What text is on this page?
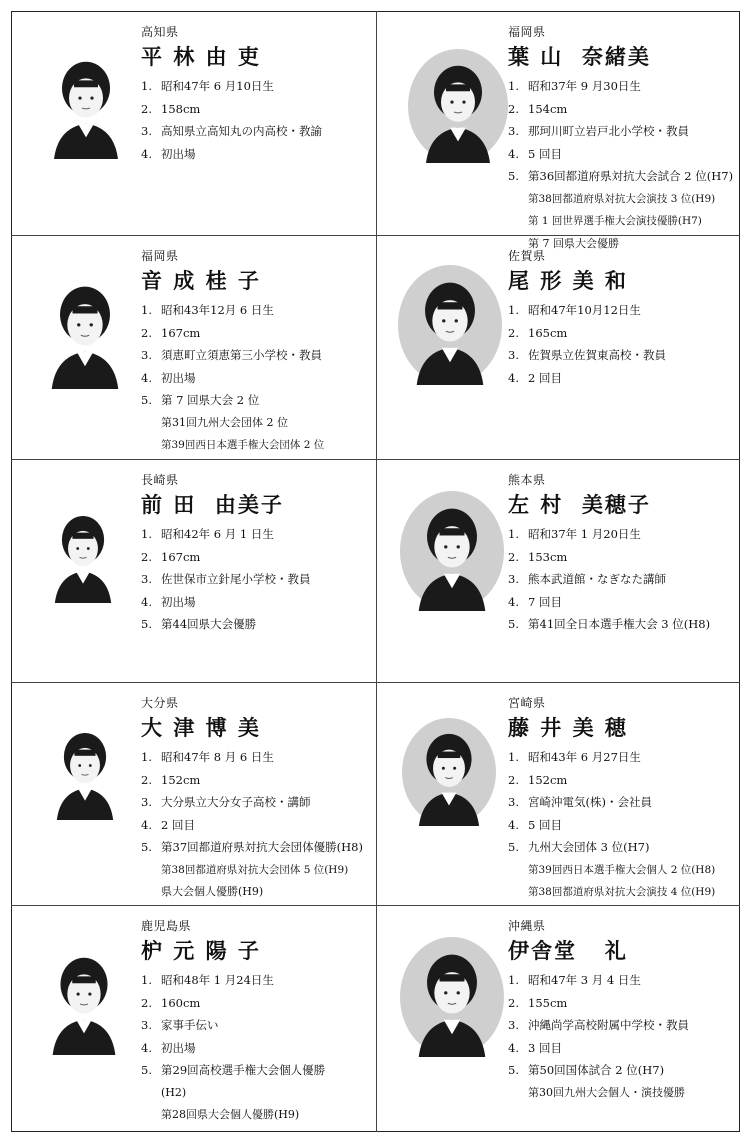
高知県
平 林 由 吏
1. 昭和47年 6 月10日生
2. 158cm
3. 高知県立高知丸の内高校・教諭
4. 初出場
福岡県
葉 山  奈緒美
1. 昭和37年 9 月30日生
2. 154cm
3. 那珂川町立岩戸北小学校・教員
4. 5 回目
5. 第36回都道府県対抗大会試合 2 位(H7)
第38回都道府県対抗大会演技 3 位(H9)
第 1 回世界選手権大会演技優勝(H7)
第 7 回県大会優勝
福岡県
音 成 桂 子
1. 昭和43年12月 6 日生
2. 167cm
3. 須恵町立須恵第三小学校・教員
4. 初出場
5. 第 7 回県大会 2 位
第31回九州大会団体 2 位
第39回西日本選手権大会団体 2 位
佐賀県
尾 形 美 和
1. 昭和47年10月12日生
2. 165cm
3. 佐賀県立佐賀東高校・教員
4. 2 回目
長崎県
前 田  由美子
1. 昭和42年 6 月 1 日生
2. 167cm
3. 佐世保市立針尾小学校・教員
4. 初出場
5. 第44回県大会優勝
熊本県
左 村  美穂子
1. 昭和37年 1 月20日生
2. 153cm
3. 熊本武道館・なぎなた講師
4. 7 回目
5. 第41回全日本選手権大会 3 位(H8)
大分県
大 津 博 美
1. 昭和47年 8 月 6 日生
2. 152cm
3. 大分県立大分女子高校・講師
4. 2 回目
5. 第37回都道府県対抗大会団体優勝(H8)
第38回都道府県対抗大会団体 5 位(H9)
県大会個人優勝(H9)
宮崎県
藤 井 美 穂
1. 昭和43年 6 月27日生
2. 152cm
3. 宮崎沖電気(株)・会社員
4. 5 回目
5. 九州大会団体 3 位(H7)
第39回西日本選手権大会個人 2 位(H8)
第38回都道府県対抗大会演技 4 位(H9)
鹿児島県
枦 元 陽 子
1. 昭和48年 1 月24日生
2. 160cm
3. 家事手伝い
4. 初出場
5. 第29回高校選手権大会個人優勝
(H2)
第28回県大会個人優勝(H9)
沖縄県
伊舎堂   礼
1. 昭和47年 3 月 4 日生
2. 155cm
3. 沖縄尚学高校附属中学校・教員
4. 3 回目
5. 第50回国体試合 2 位(H7)
第30回九州大会個人・演技優勝
